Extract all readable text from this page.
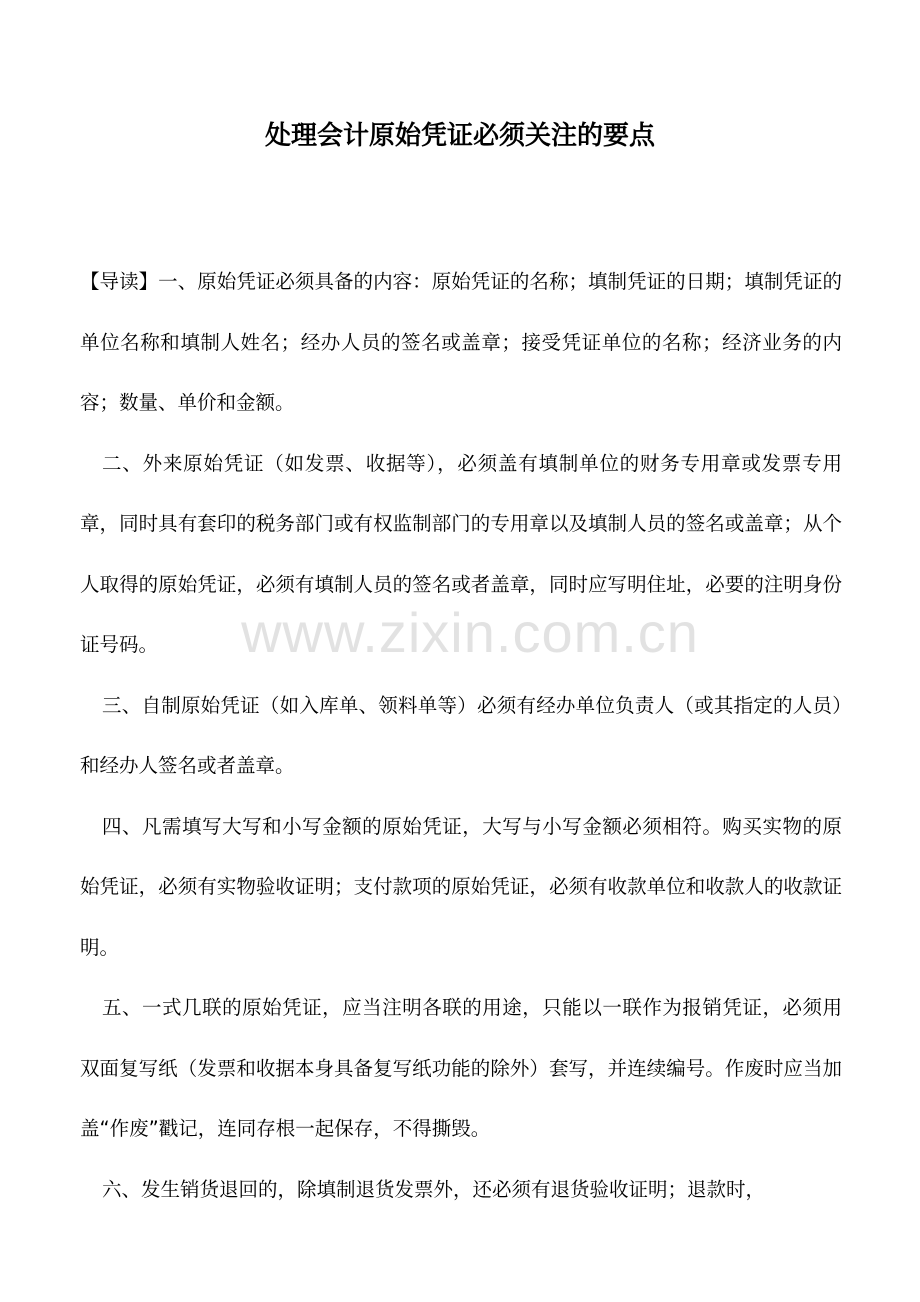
处理会计原始凭证必须关注的要点

【导读】一、原始凭证必须具备的内容：原始凭证的名称；填制凭证的日期；填制凭证的单位名称和填制人姓名；经办人员的签名或盖章；接受凭证单位的名称；经济业务的内容；数量、单价和金额。

二、外来原始凭证（如发票、收据等），必须盖有填制单位的财务专用章或发票专用章，同时具有套印的税务部门或有权监制部门的专用章以及填制人员的签名或盖章；从个人取得的原始凭证，必须有填制人员的签名或者盖章，同时应写明住址，必要的注明身份证号码。

三、自制原始凭证（如入库单、领料单等）必须有经办单位负责人（或其指定的人员）和经办人签名或者盖章。

四、凡需填写大写和小写金额的原始凭证，大写与小写金额必须相符。购买实物的原始凭证，必须有实物验收证明；支付款项的原始凭证，必须有收款单位和收款人的收款证明。

五、一式几联的原始凭证，应当注明各联的用途，只能以一联作为报销凭证，必须用双面复写纸（发票和收据本身具备复写纸功能的除外）套写，并连续编号。作废时应当加盖“作废”戳记，连同存根一起保存，不得撕毁。

六、发生销货退回的，除填制退货发票外，还必须有退货验收证明；退款时，

www.zixin.com.cn
